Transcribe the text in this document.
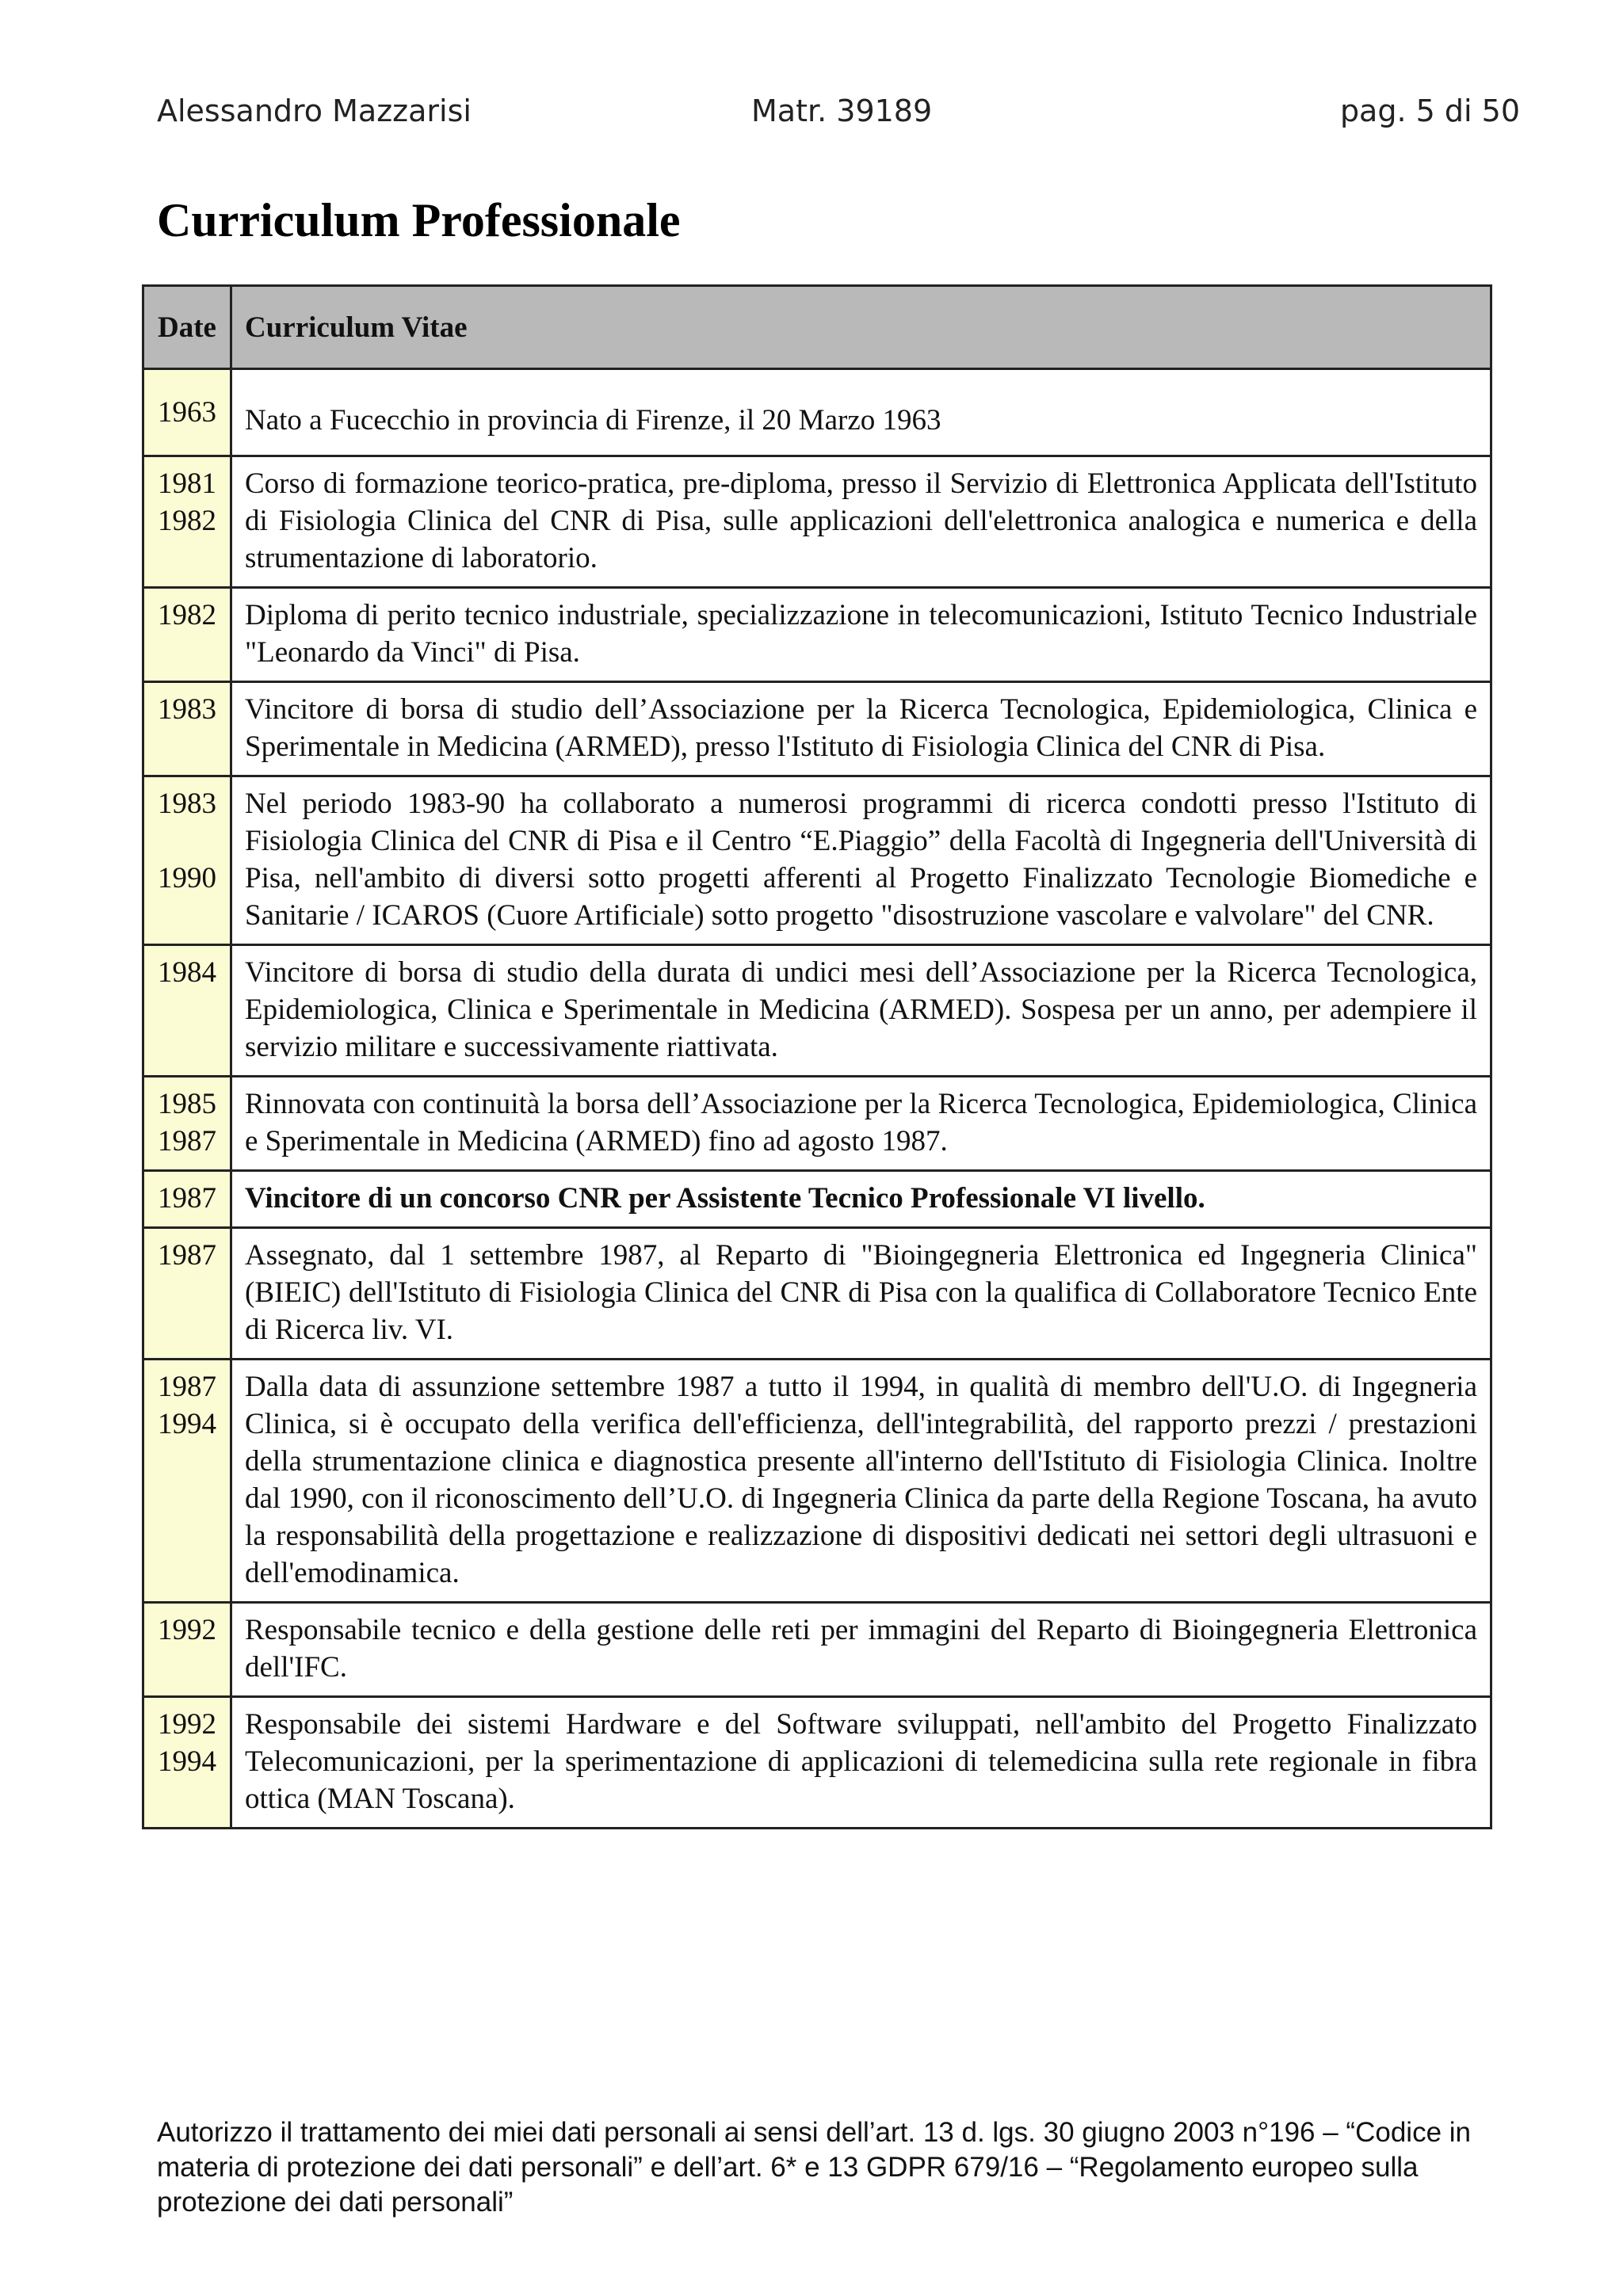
Alessandro Mazzarisi	Matr. 39189	pag. 5 di 50
Curriculum Professionale
Date	Curriculum Vitae

1963	Nato a Fucecchio in provincia di Firenze, il 20 Marzo 1963

1981
1982	Corso di formazione teorico-pratica, pre-diploma, presso il Servizio di Elettronica Applicata dell'Istituto di Fisiologia Clinica del CNR di Pisa, sulle applicazioni dell'elettronica analogica e numerica e della strumentazione di laboratorio.

1982	Diploma di perito tecnico industriale, specializzazione in telecomunicazioni, Istituto Tecnico Industriale "Leonardo da Vinci" di Pisa.

1983	Vincitore di borsa di studio dell’Associazione per la Ricerca Tecnologica, Epidemiologica, Clinica e Sperimentale in Medicina (ARMED), presso l'Istituto di Fisiologia Clinica del CNR di Pisa.

1983
1990	Nel periodo 1983-90 ha collaborato a numerosi programmi di ricerca condotti presso l'Istituto di Fisiologia Clinica del CNR di Pisa e il Centro “E.Piaggio” della Facoltà di Ingegneria dell'Università di Pisa, nell'ambito di diversi sotto progetti afferenti al Progetto Finalizzato Tecnologie Biomediche e Sanitarie / ICAROS (Cuore Artificiale) sotto progetto "disostruzione vascolare e valvolare" del CNR.

1984	Vincitore di borsa di studio della durata di undici mesi dell’Associazione per la Ricerca Tecnologica, Epidemiologica, Clinica e Sperimentale in Medicina (ARMED). Sospesa per un anno, per adempiere il servizio militare e successivamente riattivata.

1985
1987	Rinnovata con continuità la borsa dell’Associazione per la Ricerca Tecnologica, Epidemiologica, Clinica e Sperimentale in Medicina (ARMED) fino ad agosto 1987.

1987	Vincitore di un concorso CNR per Assistente Tecnico Professionale VI livello.

1987	Assegnato, dal 1 settembre 1987, al Reparto di "Bioingegneria Elettronica ed Ingegneria Clinica" (BIEIC) dell'Istituto di Fisiologia Clinica del CNR di Pisa con la qualifica di Collaboratore Tecnico Ente di Ricerca liv. VI.

1987
1994	Dalla data di assunzione settembre 1987 a tutto il 1994, in qualità di membro dell'U.O. di Ingegneria Clinica, si è occupato della verifica dell'efficienza, dell'integrabilità, del rapporto prezzi / prestazioni della strumentazione clinica e diagnostica presente all'interno dell'Istituto di Fisiologia Clinica. Inoltre dal 1990, con il riconoscimento dell’U.O. di Ingegneria Clinica da parte della Regione Toscana, ha avuto la responsabilità della progettazione e realizzazione di dispositivi dedicati nei settori degli ultrasuoni e dell'emodinamica.

1992	Responsabile tecnico e della gestione delle reti per immagini del Reparto di Bioingegneria Elettronica dell'IFC.

1992
1994	Responsabile dei sistemi Hardware e del Software sviluppati, nell'ambito del Progetto Finalizzato Telecomunicazioni, per la sperimentazione di applicazioni di telemedicina sulla rete regionale in fibra ottica (MAN Toscana).
Autorizzo il trattamento dei miei dati personali ai sensi dell’art. 13 d. lgs. 30 giugno 2003 n°196 – “Codice in materia di protezione dei dati personali” e dell’art. 6* e 13 GDPR 679/16 – “Regolamento europeo sulla protezione dei dati personali”
